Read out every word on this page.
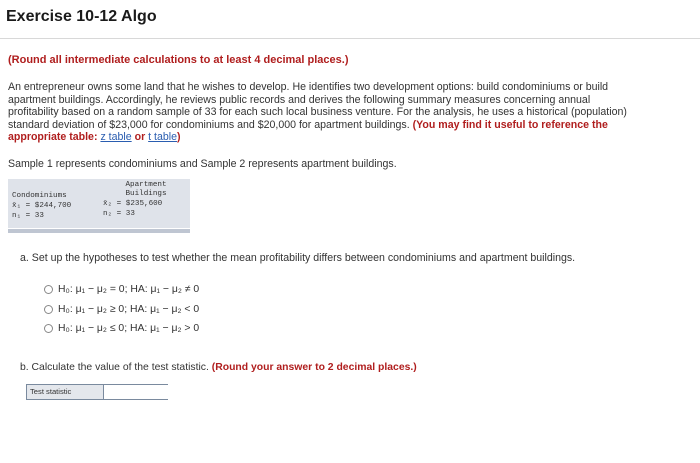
Exercise 10-12 Algo
(Round all intermediate calculations to at least 4 decimal places.)
An entrepreneur owns some land that he wishes to develop. He identifies two development options: build condominiums or build apartment buildings. Accordingly, he reviews public records and derives the following summary measures concerning annual profitability based on a random sample of 33 for each such local business venture. For the analysis, he uses a historical (population) standard deviation of $23,000 for condominiums and $20,000 for apartment buildings. (You may find it useful to reference the appropriate table: z table or t table)
Sample 1 represents condominiums and Sample 2 represents apartment buildings.
Condominiums
x̄₁ = $244,700
n₁ = 33
Apartment
Buildings
x̄₂ = $235,600
n₂ = 33
a. Set up the hypotheses to test whether the mean profitability differs between condominiums and apartment buildings.
H₀: μ₁ − μ₂ = 0; HA: μ₁ − μ₂ ≠ 0
H₀: μ₁ − μ₂ ≥ 0; HA: μ₁ − μ₂ < 0
H₀: μ₁ − μ₂ ≤ 0; HA: μ₁ − μ₂ > 0
b. Calculate the value of the test statistic. (Round your answer to 2 decimal places.)
Test statistic
